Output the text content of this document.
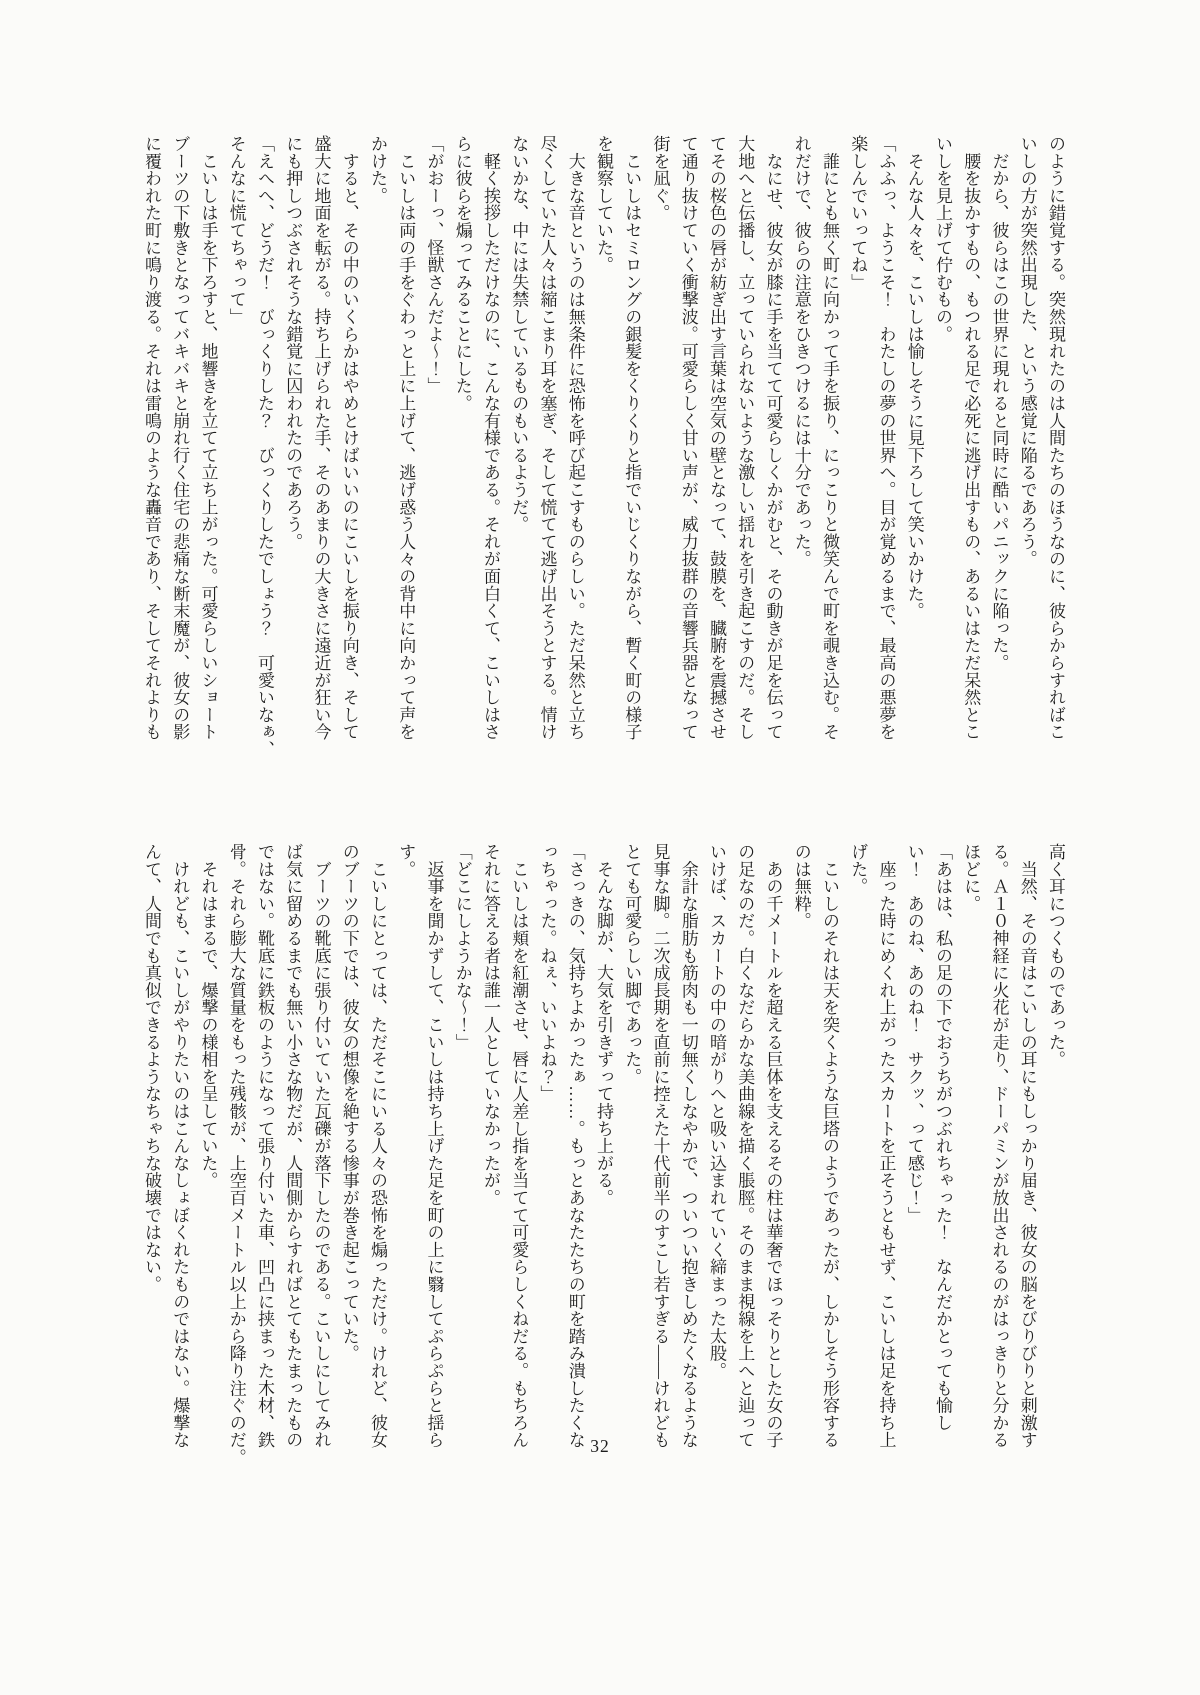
のように錯覚する。突然現れたのは人間たちのほうなのに、彼らからすればこ

いしの方が突然出現した、という感覚に陥るであろう。

　だから、彼らはこの世界に現れると同時に酷いパニックに陥った。

　腰を抜かすもの、もつれる足で必死に逃げ出すもの、あるいはただ呆然とこ

いしを見上げて佇むもの。

　そんな人々を、こいしは愉しそうに見下ろして笑いかけた。

「ふふっ、ようこそ！　わたしの夢の世界へ。目が覚めるまで、最高の悪夢を

楽しんでいってね」

　誰にとも無く町に向かって手を振り、にっこりと微笑んで町を覗き込む。そ

れだけで、彼らの注意をひきつけるには十分であった。

　なにせ、彼女が膝に手を当てて可愛らしくかがむと、その動きが足を伝って

大地へと伝播し、立っていられないような激しい揺れを引き起こすのだ。そし

てその桜色の唇が紡ぎ出す言葉は空気の壁となって、鼓膜を、臓腑を震撼させ

て通り抜けていく衝撃波。可愛らしく甘い声が、威力抜群の音響兵器となって

街を凪ぐ。

　こいしはセミロングの銀髪をくりくりと指でいじくりながら、暫く町の様子

を観察していた。

　大きな音というのは無条件に恐怖を呼び起こすものらしい。ただ呆然と立ち

尽くしていた人々は縮こまり耳を塞ぎ、そして慌てて逃げ出そうとする。情け

ないかな、中には失禁しているものもいるようだ。

　軽く挨拶しただけなのに、こんな有様である。それが面白くて、こいしはさ

らに彼らを煽ってみることにした。

「がおーっ、怪獣さんだよ～！」

　こいしは両の手をぐわっと上に上げて、逃げ惑う人々の背中に向かって声を

かけた。

　すると、その中のいくらかはやめとけばいいのにこいしを振り向き、そして

盛大に地面を転がる。持ち上げられた手、そのあまりの大きさに遠近が狂い今

にも押しつぶされそうな錯覚に囚われたのであろう。

「えへへ、どうだ！　びっくりした？　びっくりしたでしょう？　可愛いなぁ、

そんなに慌てちゃって」

　こいしは手を下ろすと、地響きを立てて立ち上がった。可愛らしいショート

ブーツの下敷きとなってバキバキと崩れ行く住宅の悲痛な断末魔が、彼女の影

に覆われた町に鳴り渡る。それは雷鳴のような轟音であり、そしてそれよりも

高く耳につくものであった。

　当然、その音はこいしの耳にもしっかり届き、彼女の脳をびりびりと刺激す

る。Ａ１０神経に火花が走り、ドーパミンが放出されるのがはっきりと分かる

ほどに。

「あはは、私の足の下でおうちがつぶれちゃった！　なんだかとっても愉し

い！　あのね、あのね！　サクッ、って感じ！」

　座った時にめくれ上がったスカートを正そうともせず、こいしは足を持ち上

げた。

　こいしのそれは天を突くような巨塔のようであったが、しかしそう形容する

のは無粋。

　あの千メートルを超える巨体を支えるその柱は華奢でほっそりとした女の子

の足なのだ。白くなだらかな美曲線を描く脹脛。そのまま視線を上へと辿って

いけば、スカートの中の暗がりへと吸い込まれていく締まった太股。

　余計な脂肪も筋肉も一切無くしなやかで、ついつい抱きしめたくなるような

見事な脚。二次成長期を直前に控えた十代前半のすこし若すぎる――けれども

とても可愛らしい脚であった。

　そんな脚が、大気を引きずって持ち上がる。

「さっきの、気持ちよかったぁ……。もっとあなたたちの町を踏み潰したくな

っちゃった。ねぇ、いいよね？」

　こいしは頬を紅潮させ、唇に人差し指を当てて可愛らしくねだる。もちろん

それに答える者は誰一人としていなかったが。

「どこにしようかな～！」

　返事を聞かずして、こいしは持ち上げた足を町の上に翳してぷらぷらと揺ら

す。

　こいしにとっては、ただそこにいる人々の恐怖を煽っただけ。けれど、彼女

のブーツの下では、彼女の想像を絶する惨事が巻き起こっていた。

　ブーツの靴底に張り付いていた瓦礫が落下したのである。こいしにしてみれ

ば気に留めるまでも無い小さな物だが、人間側からすればとてもたまったもの

ではない。靴底に鉄板のようになって張り付いた車、凹凸に挟まった木材、鉄

骨。それら膨大な質量をもった残骸が、上空百メートル以上から降り注ぐのだ。

　それはまるで、爆撃の様相を呈していた。

　けれども、こいしがやりたいのはこんなしょぼくれたものではない。爆撃な

んて、人間でも真似できるようなちゃちな破壊ではない。

32
